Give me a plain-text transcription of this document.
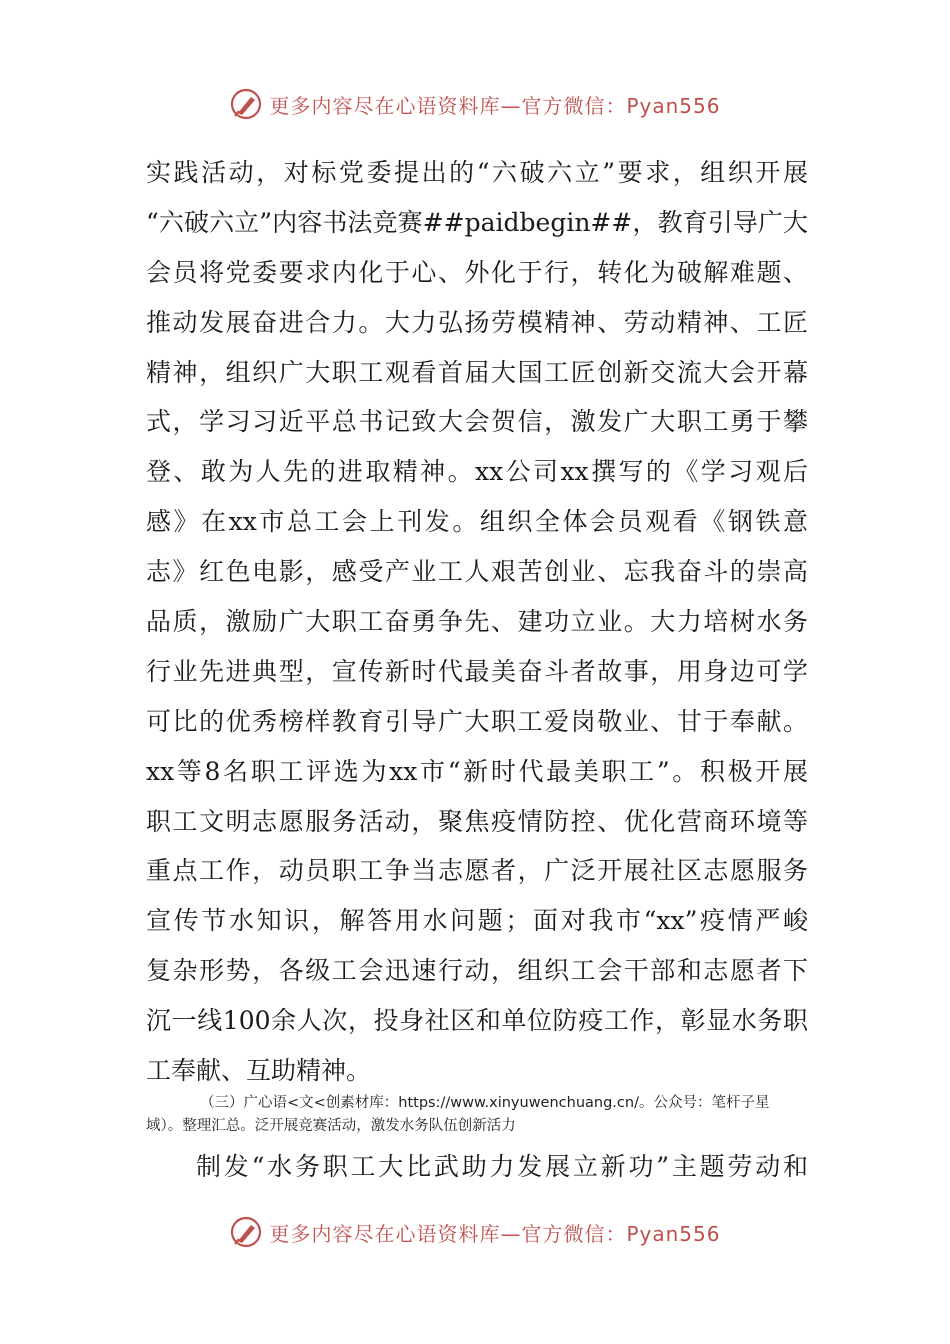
更多内容尽在心语资料库—官方微信：Pyan556
实践活动，对标党委提出的“六破六立”要求，组织开展
“六破六立”内容书法竞赛##paidbegin##，教育引导广大
会员将党委要求内化于心、外化于行，转化为破解难题、
推动发展奋进合力。大力弘扬劳模精神、劳动精神、工匠
精神，组织广大职工观看首届大国工匠创新交流大会开幕
式，学习习近平总书记致大会贺信，激发广大职工勇于攀
登、敢为人先的进取精神。xx公司xx撰写的《学习观后
感》在xx市总工会上刊发。组织全体会员观看《钢铁意
志》红色电影，感受产业工人艰苦创业、忘我奋斗的崇高
品质，激励广大职工奋勇争先、建功立业。大力培树水务
行业先进典型，宣传新时代最美奋斗者故事，用身边可学
可比的优秀榜样教育引导广大职工爱岗敬业、甘于奉献。
xx等8名职工评选为xx市“新时代最美职工”。积极开展
职工文明志愿服务活动，聚焦疫情防控、优化营商环境等
重点工作，动员职工争当志愿者，广泛开展社区志愿服务
宣传节水知识，解答用水问题；面对我市“xx”疫情严峻
复杂形势，各级工会迅速行动，组织工会干部和志愿者下
沉一线100余人次，投身社区和单位防疫工作，彰显水务职
工奉献、互助精神。
（三）广心语<文<创素材库：https://www.xinyuwenchuang.cn/。公众号：笔杆子星
域）。整理汇总。泛开展竞赛活动，激发水务队伍创新活力
制发“水务职工大比武助力发展立新功”主题劳动和
更多内容尽在心语资料库—官方微信：Pyan556
